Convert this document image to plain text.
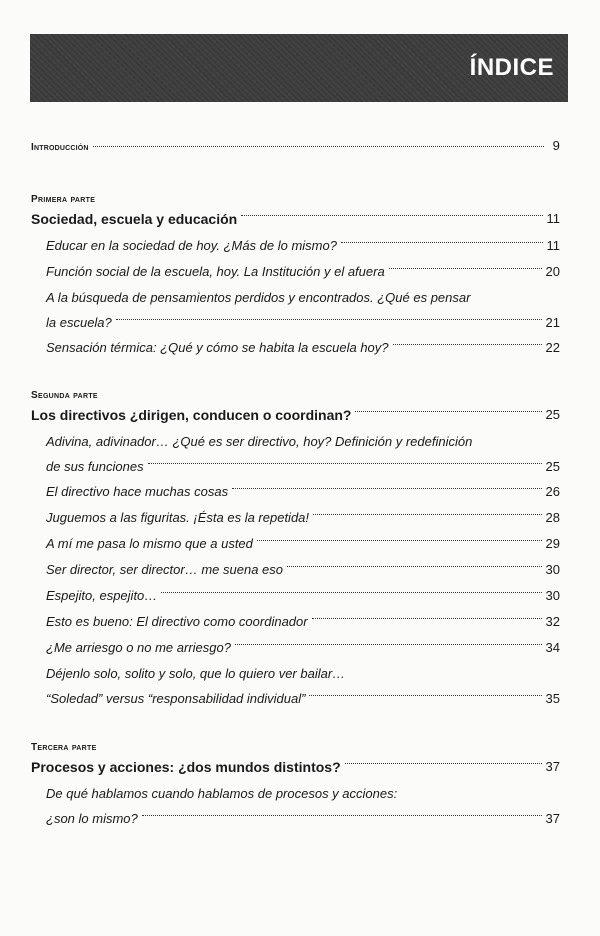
ÍNDICE
Introducción	9
Primera parte
Sociedad, escuela y educación	11
Educar en la sociedad de hoy. ¿Más de lo mismo?	11
Función social de la escuela, hoy. La Institución y el afuera	20
A la búsqueda de pensamientos perdidos y encontrados. ¿Qué es pensar
la escuela?	21
Sensación térmica: ¿Qué y cómo se habita la escuela hoy?	22
Segunda parte
Los directivos ¿dirigen, conducen o coordinan?	25
Adivina, adivinador… ¿Qué es ser directivo, hoy? Definición y redefinición
de sus funciones	25
El directivo hace muchas cosas	26
Juguemos a las figuritas. ¡Ésta es la repetida!	28
A mí me pasa lo mismo que a usted	29
Ser director, ser director… me suena eso	30
Espejito, espejito…	30
Esto es bueno: El directivo como coordinador	32
¿Me arriesgo o no me arriesgo?	34
Déjenlo solo, solito y solo, que lo quiero ver bailar…
“Soledad” versus “responsabilidad individual”	35
Tercera parte
Procesos y acciones: ¿dos mundos distintos?	37
De qué hablamos cuando hablamos de procesos y acciones:
¿son lo mismo?	37
